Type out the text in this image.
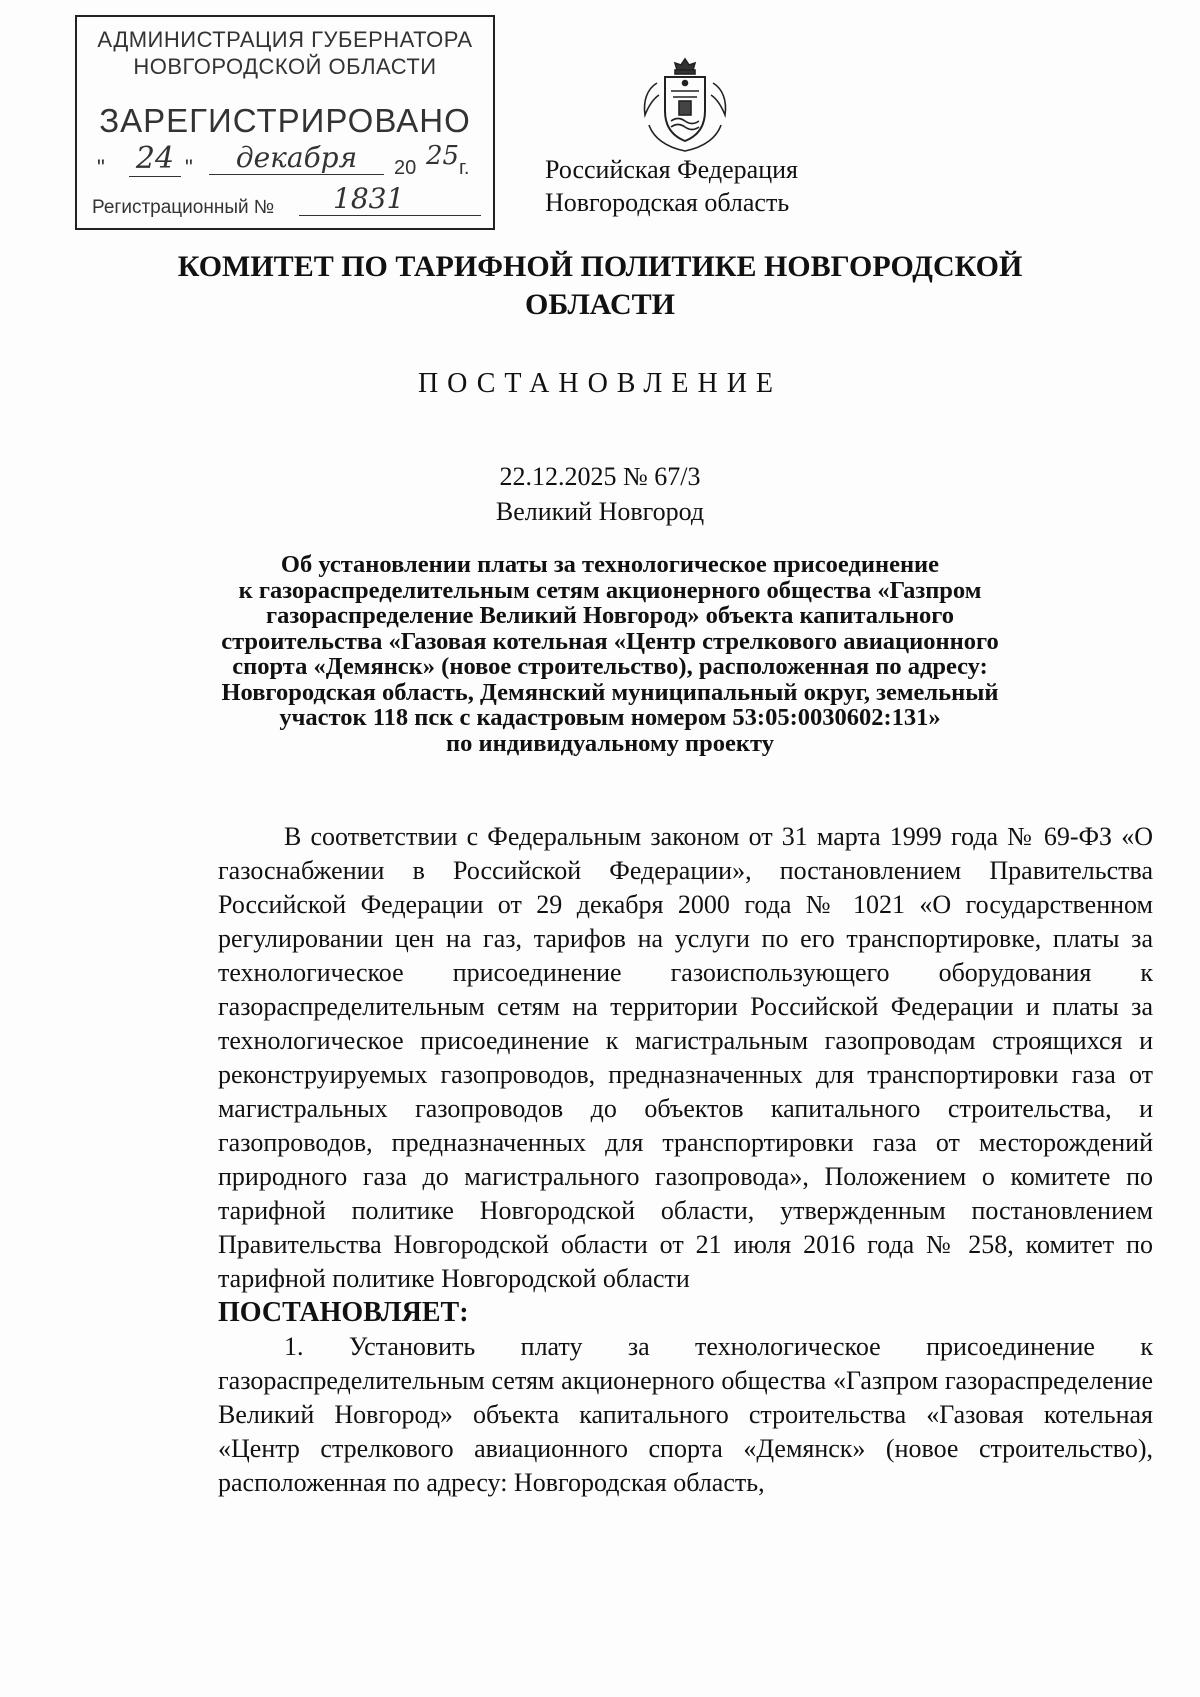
АДМИНИСТРАЦИЯ ГУБЕРНАТОРА
НОВГОРОДСКОЙ ОБЛАСТИ
ЗАРЕГИСТРИРОВАНО
" 24 "	декабря	20 25 г.
Регистрационный №	1831
Российская Федерация
Новгородская область
КОМИТЕТ ПО ТАРИФНОЙ ПОЛИТИКЕ НОВГОРОДСКОЙ
ОБЛАСТИ
ПОСТАНОВЛЕНИЕ
22.12.2025 № 67/3
Великий Новгород
Об установлении платы за технологическое присоединение
к газораспределительным сетям акционерного общества «Газпром
газораспределение Великий Новгород» объекта капитального
строительства «Газовая котельная «Центр стрелкового авиационного
спорта «Демянск» (новое строительство), расположенная по адресу:
Новгородская область, Демянский муниципальный округ, земельный
участок 118 пск с кадастровым номером 53:05:0030602:131»
по индивидуальному проекту

В соответствии с Федеральным законом от 31 марта 1999 года № 69-ФЗ «О газоснабжении в Российской Федерации», постановлением Правительства Российской Федерации от 29 декабря 2000 года № 1021 «О государственном регулировании цен на газ, тарифов на услуги по его транспортировке, платы за технологическое присоединение газоиспользующего оборудования к газораспределительным сетям на территории Российской Федерации и платы за технологическое присоединение к магистральным газопроводам строящихся и реконструируемых газопроводов, предназначенных для транспортировки газа от магистральных газопроводов до объектов капитального строительства, и газопроводов, предназначенных для транспортировки газа от месторождений природного газа до магистрального газопровода», Положением о комитете по тарифной политике Новгородской области, утвержденным постановлением Правительства Новгородской области от 21 июля 2016 года № 258, комитет по тарифной политике Новгородской области

ПОСТАНОВЛЯЕТ:

1. Установить плату за технологическое присоединение к газораспределительным сетям акционерного общества «Газпром газораспределение Великий Новгород» объекта капитального строительства «Газовая котельная «Центр стрелкового авиационного спорта «Демянск» (новое строительство), расположенная по адресу: Новгородская область,
